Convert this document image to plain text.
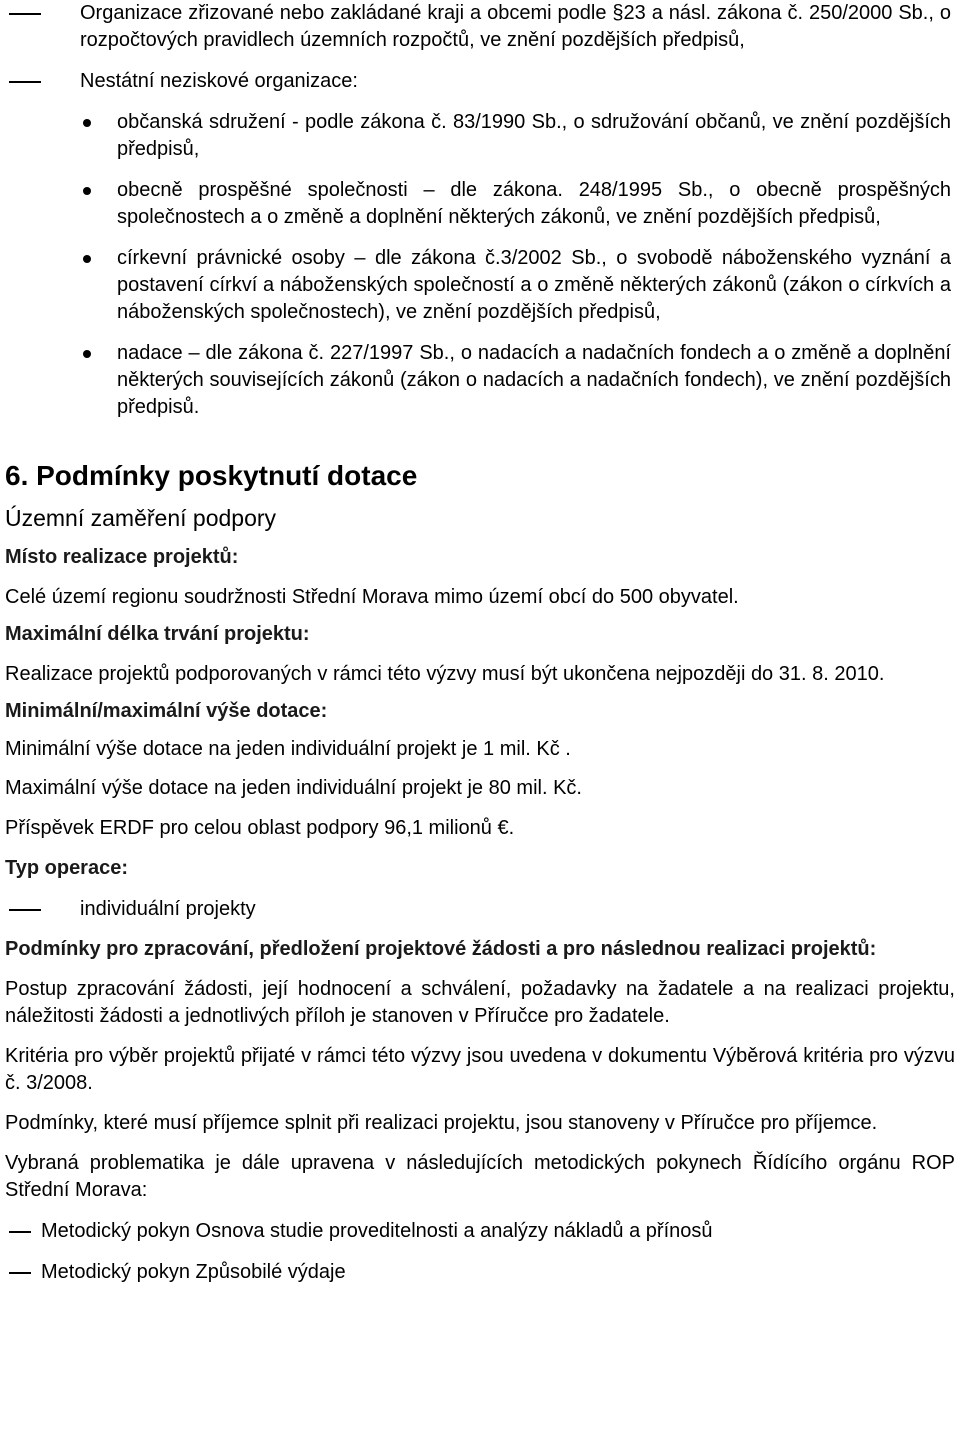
Organizace zřizované nebo zakládané kraji a obcemi podle §23 a násl. zákona č. 250/2000 Sb., o rozpočtových pravidlech územních rozpočtů, ve znění pozdějších předpisů,

Nestátní neziskové organizace:

občanská sdružení - podle zákona č. 83/1990 Sb., o sdružování občanů, ve znění pozdějších předpisů,

obecně prospěšné společnosti – dle zákona. 248/1995 Sb., o obecně prospěšných společnostech a o změně a doplnění některých zákonů, ve znění pozdějších předpisů,

církevní právnické osoby – dle zákona č.3/2002 Sb., o svobodě náboženského vyznání a postavení církví a náboženských společností a o změně některých zákonů (zákon o církvích a náboženských společnostech), ve znění pozdějších předpisů,

nadace – dle zákona č. 227/1997 Sb., o nadacích a nadačních fondech a o změně a doplnění některých souvisejících zákonů (zákon o nadacích a nadačních fondech), ve znění pozdějších předpisů.

6. Podmínky poskytnutí dotace
Územní zaměření podpory

Místo realizace projektů:

Celé území regionu soudržnosti Střední Morava mimo území obcí do 500 obyvatel.

Maximální délka trvání projektu:

Realizace projektů podporovaných v rámci této výzvy musí být ukončena nejpozději do 31. 8. 2010.

Minimální/maximální výše dotace:

Minimální výše dotace na jeden individuální projekt je 1 mil. Kč .

Maximální výše dotace na jeden individuální projekt je 80 mil. Kč.

Příspěvek ERDF pro celou oblast podpory 96,1 milionů €.

Typ operace:

individuální projekty

Podmínky pro zpracování, předložení projektové žádosti a pro následnou realizaci projektů:

Postup zpracování žádosti, její hodnocení a schválení, požadavky na žadatele a na realizaci projektu, náležitosti žádosti a jednotlivých příloh je stanoven v Příručce pro žadatele.

Kritéria pro výběr projektů přijaté v rámci této výzvy jsou uvedena v dokumentu Výběrová kritéria pro výzvu č. 3/2008.

Podmínky, které musí příjemce splnit při realizaci projektu, jsou stanoveny v Příručce pro příjemce.

Vybraná problematika je dále upravena v následujících metodických pokynech Řídícího orgánu ROP Střední Morava:

Metodický pokyn Osnova studie proveditelnosti a analýzy nákladů a přínosů

Metodický pokyn Způsobilé výdaje
